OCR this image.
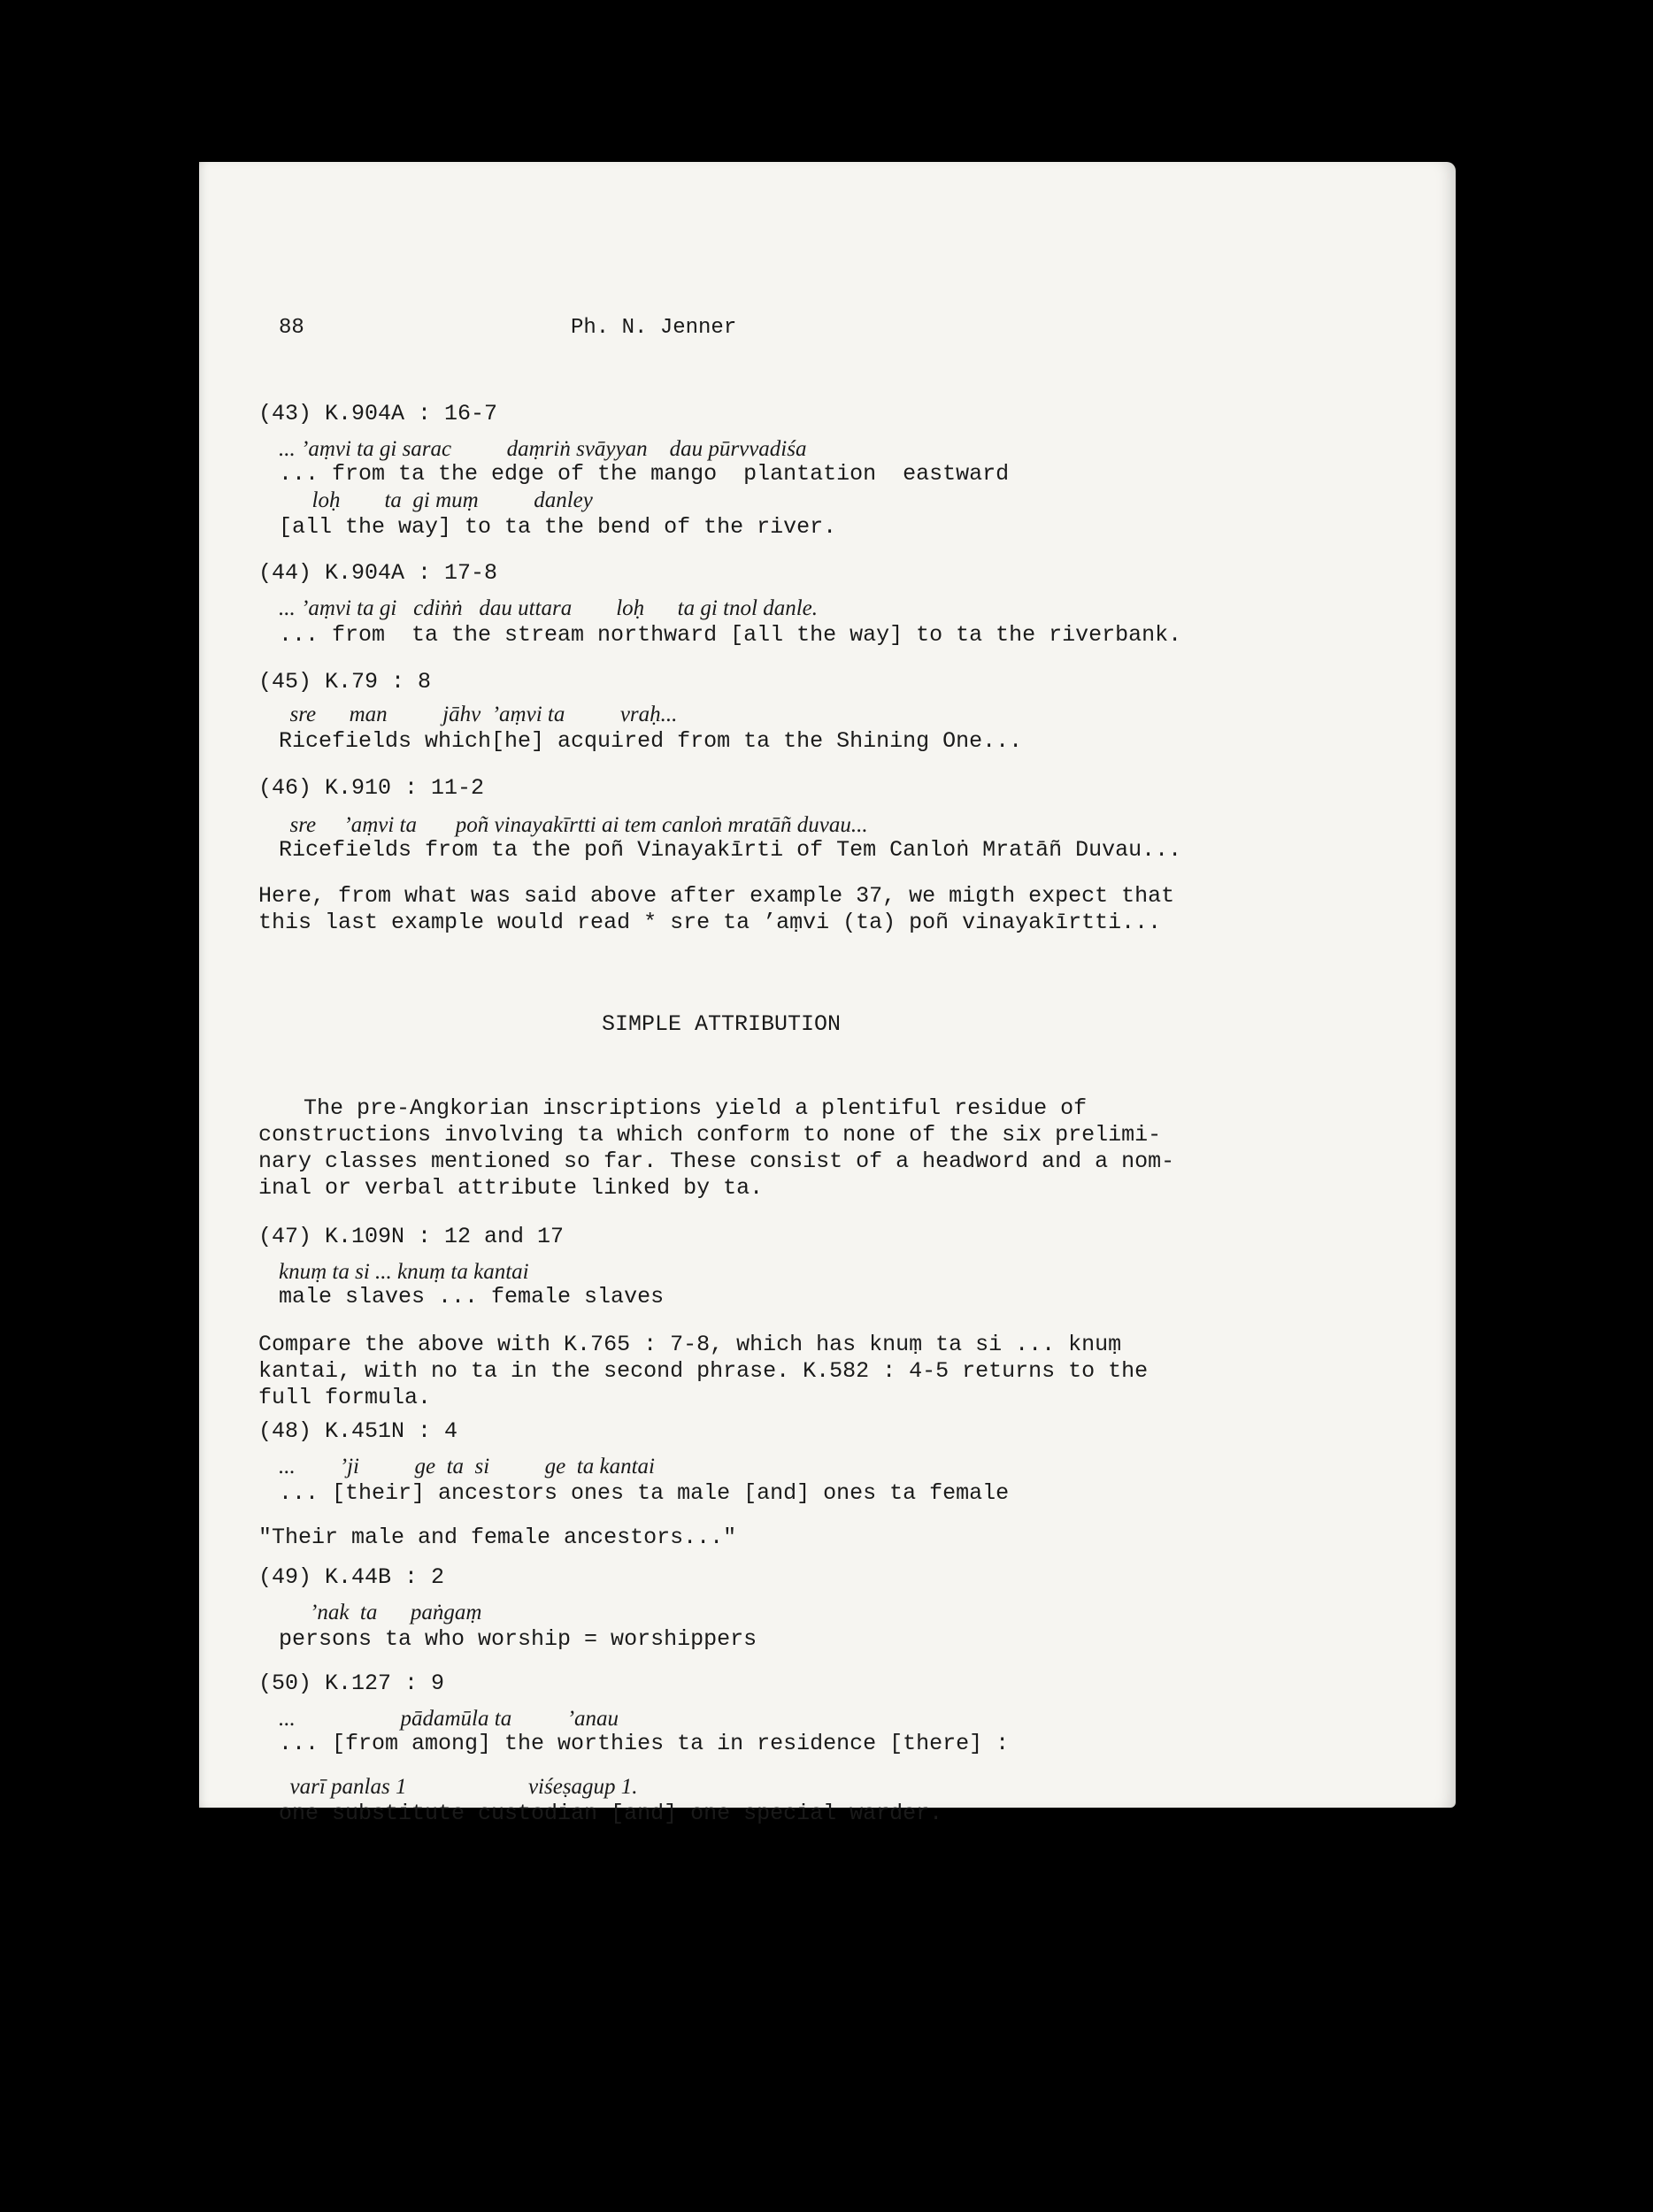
88	Ph. N. Jenner
(43) K.904A : 16-7
... ’aṃvi ta gi sarac          daṃriṅ svāyyan    dau pūrvvadiśa
... from ta the edge of the mango  plantation  eastward
loḥ        ta  gi muṃ          danley
[all the way] to ta the bend of the river.
(44) K.904A : 17-8
... ’aṃvi ta gi   cdiṅṅ   dau uttara        loḥ      ta gi tnol danle.
... from  ta the stream northward [all the way] to ta the riverbank.
(45) K.79 : 8
sre      man          jāhv  ’aṃvi ta          vraḥ...
Ricefields which[he] acquired from ta the Shining One...
(46) K.910 : 11-2
sre     ’aṃvi ta       poñ vinayakīrtti ai tem canloṅ mratāñ duvau...
Ricefields from ta the poñ Vinayakīrti of Tem Canloṅ Mratāñ Duvau...
Here, from what was said above after example 37, we migth expect that
this last example would read * sre ta ’aṃvi (ta) poñ vinayakīrtti...
SIMPLE ATTRIBUTION
The pre-Angkorian inscriptions yield a plentiful residue of
constructions involving ta which conform to none of the six prelimi-
nary classes mentioned so far. These consist of a headword and a nom-
inal or verbal attribute linked by ta.
(47) K.109N : 12 and 17
knuṃ ta si ... knuṃ ta kantai
male slaves ... female slaves
Compare the above with K.765 : 7-8, which has knuṃ ta si ... knuṃ
kantai, with no ta in the second phrase. K.582 : 4-5 returns to the
full formula.
(48) K.451N : 4
...        ’ji          ge  ta  si          ge  ta kantai
... [their] ancestors ones ta male [and] ones ta female
"Their male and female ancestors..."
(49) K.44B : 2
’nak  ta      paṅgaṃ
persons ta who worship = worshippers
(50) K.127 : 9
...                   pādamūla ta          ’anau
... [from among] the worthies ta in residence [there] :
varī panlas 1                      viśeṣagup 1.
one substitute custodian [and] one special warder.
